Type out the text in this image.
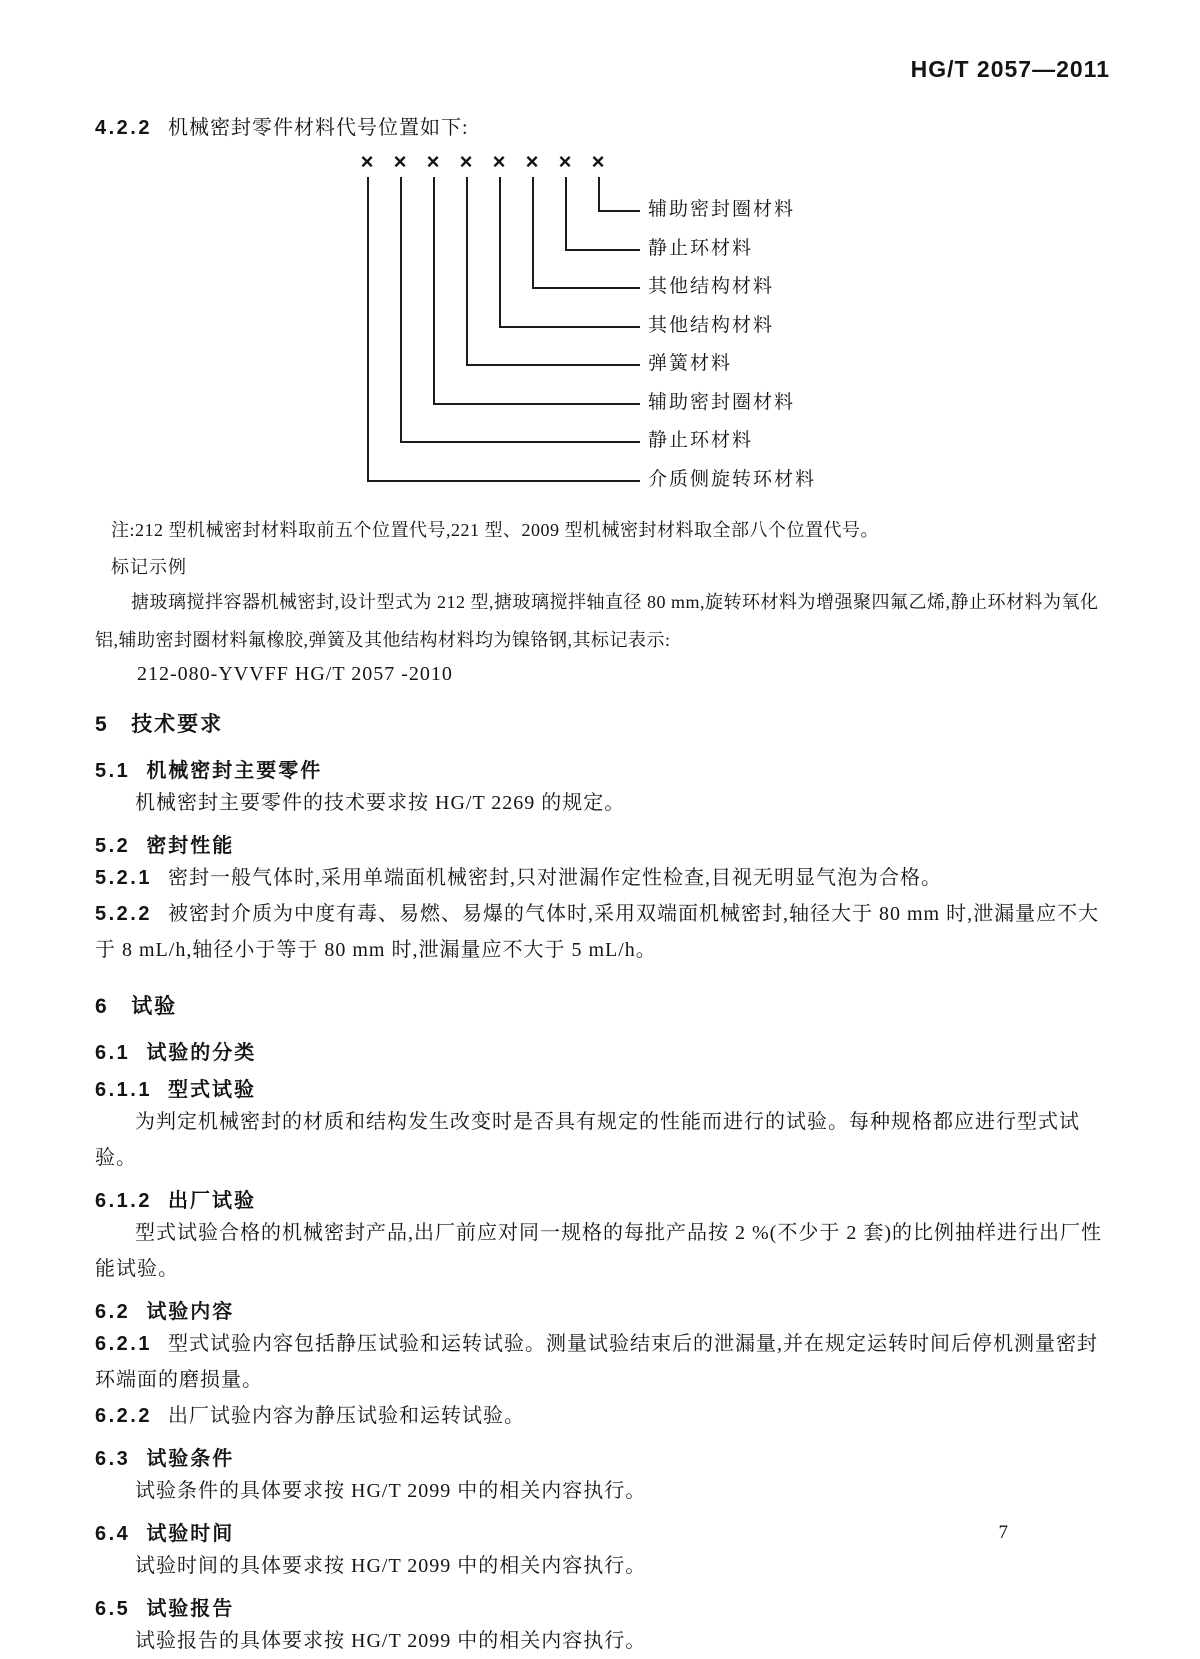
HG/T 2057—2011

4.2.2 机械密封零件材料代号位置如下:

×
辅助密封圈材料
×
静止环材料
×
其他结构材料
×
其他结构材料
×
弹簧材料
×
辅助密封圈材料
×
静止环材料
×
介质侧旋转环材料

注:212 型机械密封材料取前五个位置代号,221 型、2009 型机械密封材料取全部八个位置代号。

标记示例

搪玻璃搅拌容器机械密封,设计型式为 212 型,搪玻璃搅拌轴直径 80 mm,旋转环材料为增强聚四氟乙烯,静止环材料为氧化铝,辅助密封圈材料氟橡胶,弹簧及其他结构材料均为镍铬钢,其标记表示:

212-080-YVVFF HG/T 2057 -2010

5 技术要求

5.1 机械密封主要零件

机械密封主要零件的技术要求按 HG/T 2269 的规定。

5.2 密封性能

5.2.1 密封一般气体时,采用单端面机械密封,只对泄漏作定性检查,目视无明显气泡为合格。

5.2.2 被密封介质为中度有毒、易燃、易爆的气体时,采用双端面机械密封,轴径大于 80 mm 时,泄漏量应不大于 8 mL/h,轴径小于等于 80 mm 时,泄漏量应不大于 5 mL/h。

6 试验

6.1 试验的分类

6.1.1 型式试验

为判定机械密封的材质和结构发生改变时是否具有规定的性能而进行的试验。每种规格都应进行型式试验。

6.1.2 出厂试验

型式试验合格的机械密封产品,出厂前应对同一规格的每批产品按 2 %(不少于 2 套)的比例抽样进行出厂性能试验。

6.2 试验内容

6.2.1 型式试验内容包括静压试验和运转试验。测量试验结束后的泄漏量,并在规定运转时间后停机测量密封环端面的磨损量。

6.2.2 出厂试验内容为静压试验和运转试验。

6.3 试验条件

试验条件的具体要求按 HG/T 2099 中的相关内容执行。

6.4 试验时间

试验时间的具体要求按 HG/T 2099 中的相关内容执行。

6.5 试验报告

试验报告的具体要求按 HG/T 2099 中的相关内容执行。

7
